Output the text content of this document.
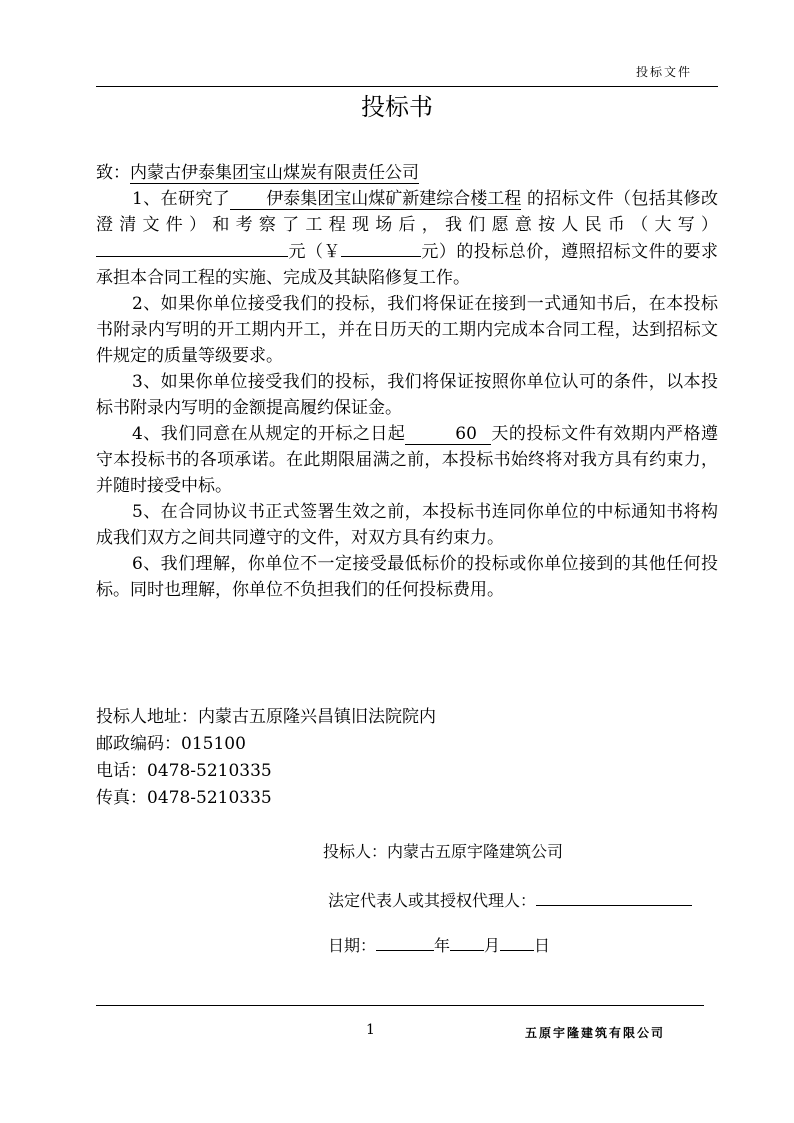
投标文件
投标书

致：内蒙古伊泰集团宝山煤炭有限责任公司

1、在研究了 伊泰集团宝山煤矿新建综合楼工程 的招标文件（包括其修改澄清文件）和考察了工程现场后，我们愿意按人民币（大写）元（￥	元）的投标总价，遵照招标文件的要求承担本合同工程的实施、完成及其缺陷修复工作。

2、如果你单位接受我们的投标，我们将保证在接到一式通知书后，在本投标书附录内写明的开工期内开工，并在日历天的工期内完成本合同工程，达到招标文件规定的质量等级要求。

3、如果你单位接受我们的投标，我们将保证按照你单位认可的条件，以本投标书附录内写明的金额提高履约保证金。

4、我们同意在从规定的开标之日起	60 天的投标文件有效期内严格遵守本投标书的各项承诺。在此期限届满之前，本投标书始终将对我方具有约束力，并随时接受中标。

5、在合同协议书正式签署生效之前，本投标书连同你单位的中标通知书将构成我们双方之间共同遵守的文件，对双方具有约束力。

6、我们理解，你单位不一定接受最低标价的投标或你单位接到的其他任何投标。同时也理解，你单位不负担我们的任何投标费用。

投标人地址：内蒙古五原隆兴昌镇旧法院院内
邮政编码：015100
电话：0478-5210335
传真：0478-5210335
投标人：内蒙古五原宇隆建筑公司
法定代表人或其授权代理人：
日期：	年 月 日
1	五原宇隆建筑有限公司
